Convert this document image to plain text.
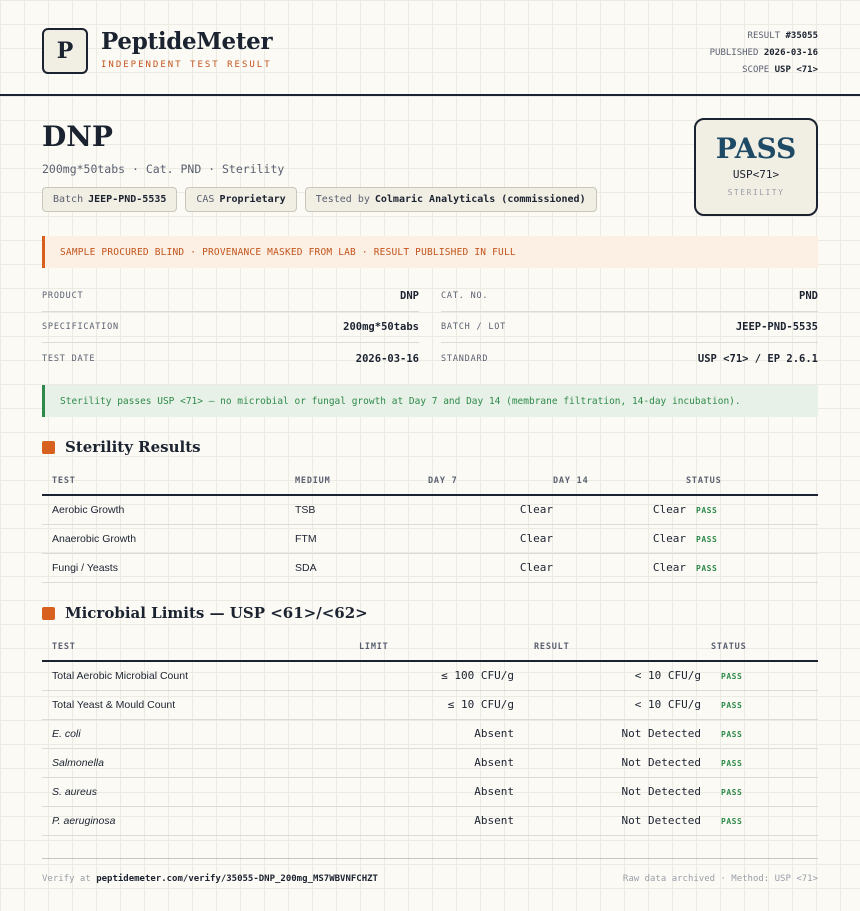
P	PeptideMeter
INDEPENDENT TEST RESULT
RESULT #35055
PUBLISHED 2026-03-16
SCOPE USP <71>
DNP
200mg*50tabs · Cat. PND · Sterility
Batch JEEP-PND-5535	CAS Proprietary	Tested by Colmaric Analyticals (commissioned)
PASS
USP<71>
STERILITY
SAMPLE PROCURED BLIND · PROVENANCE MASKED FROM LAB · RESULT PUBLISHED IN FULL
PRODUCT	DNP
SPECIFICATION	200mg*50tabs
TEST DATE	2026-03-16
CAT. NO.	PND
BATCH / LOT	JEEP-PND-5535
STANDARD	USP <71> / EP 2.6.1
Sterility passes USP <71> — no microbial or fungal growth at Day 7 and Day 14 (membrane filtration, 14-day incubation).
Sterility Results
TEST	MEDIUM	DAY 7	DAY 14	STATUS
Aerobic Growth	TSB	Clear	Clear	PASS
Anaerobic Growth	FTM	Clear	Clear	PASS
Fungi / Yeasts	SDA	Clear	Clear	PASS
Microbial Limits — USP <61>/<62>
TEST	LIMIT	RESULT	STATUS
Total Aerobic Microbial Count	≤ 100 CFU/g	< 10 CFU/g	PASS
Total Yeast & Mould Count	≤ 10 CFU/g	< 10 CFU/g	PASS
E. coli	Absent	Not Detected	PASS
Salmonella	Absent	Not Detected	PASS
S. aureus	Absent	Not Detected	PASS
P. aeruginosa	Absent	Not Detected	PASS
Verify at peptidemeter.com/verify/35055-DNP_200mg_MS7WBVNFCHZT	Raw data archived · Method: USP <71>
